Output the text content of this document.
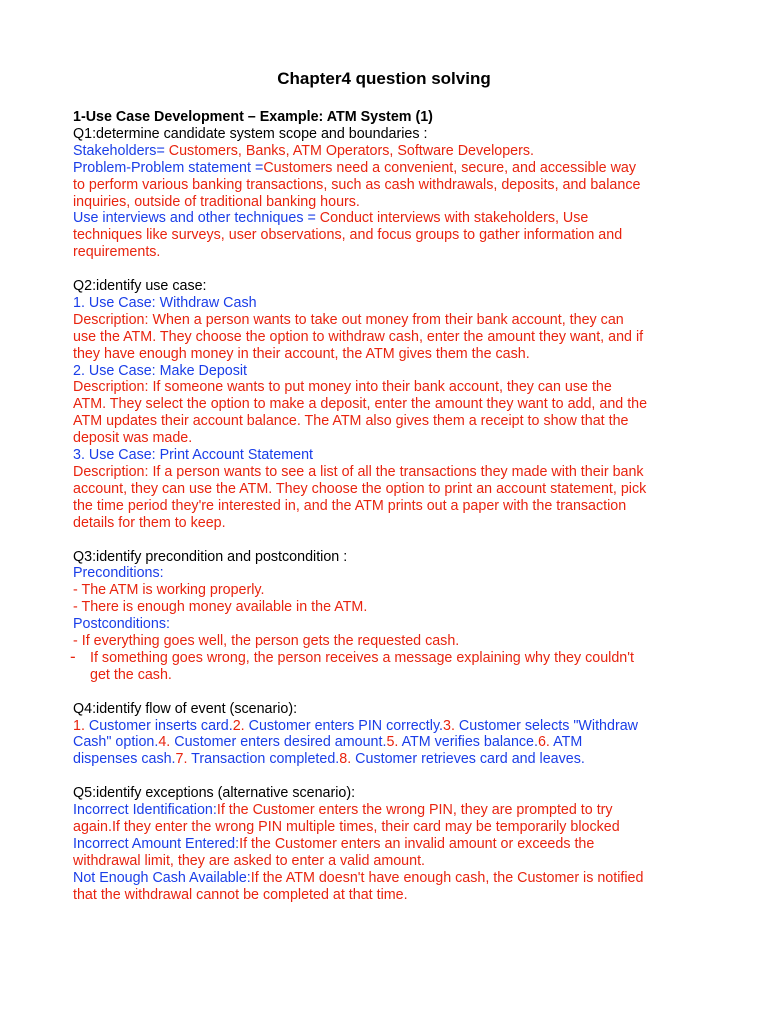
Chapter4 question solving
1-Use Case Development – Example: ATM System (1)
Q1:determine candidate system scope and boundaries :
Stakeholders= Customers, Banks, ATM Operators, Software Developers.
Problem-Problem statement =Customers need a convenient, secure, and accessible way
to perform various banking transactions, such as cash withdrawals, deposits, and balance
inquiries, outside of traditional banking hours.
Use interviews and other techniques = Conduct interviews with stakeholders, Use
techniques like surveys, user observations, and focus groups to gather information and
requirements.
Q2:identify use case:
1. Use Case: Withdraw Cash
Description: When a person wants to take out money from their bank account, they can
use the ATM. They choose the option to withdraw cash, enter the amount they want, and if
they have enough money in their account, the ATM gives them the cash.
2. Use Case: Make Deposit
Description: If someone wants to put money into their bank account, they can use the
ATM. They select the option to make a deposit, enter the amount they want to add, and the
ATM updates their account balance. The ATM also gives them a receipt to show that the
deposit was made.
3. Use Case: Print Account Statement
Description: If a person wants to see a list of all the transactions they made with their bank
account, they can use the ATM. They choose the option to print an account statement, pick
the time period they're interested in, and the ATM prints out a paper with the transaction
details for them to keep.
Q3:identify precondition and postcondition :
Preconditions:
- The ATM is working properly.
- There is enough money available in the ATM.
Postconditions:
- If everything goes well, the person gets the requested cash.
- If something goes wrong, the person receives a message explaining why they couldn't
get the cash.
Q4:identify flow of event (scenario):
1. Customer inserts card.2. Customer enters PIN correctly.3. Customer selects "Withdraw
Cash" option.4. Customer enters desired amount.5. ATM verifies balance.6. ATM
dispenses cash.7. Transaction completed.8. Customer retrieves card and leaves.
Q5:identify exceptions (alternative scenario):
Incorrect Identification:If the Customer enters the wrong PIN, they are prompted to try
again.If they enter the wrong PIN multiple times, their card may be temporarily blocked
Incorrect Amount Entered:If the Customer enters an invalid amount or exceeds the
withdrawal limit, they are asked to enter a valid amount.
Not Enough Cash Available:If the ATM doesn't have enough cash, the Customer is notified
that the withdrawal cannot be completed at that time.
